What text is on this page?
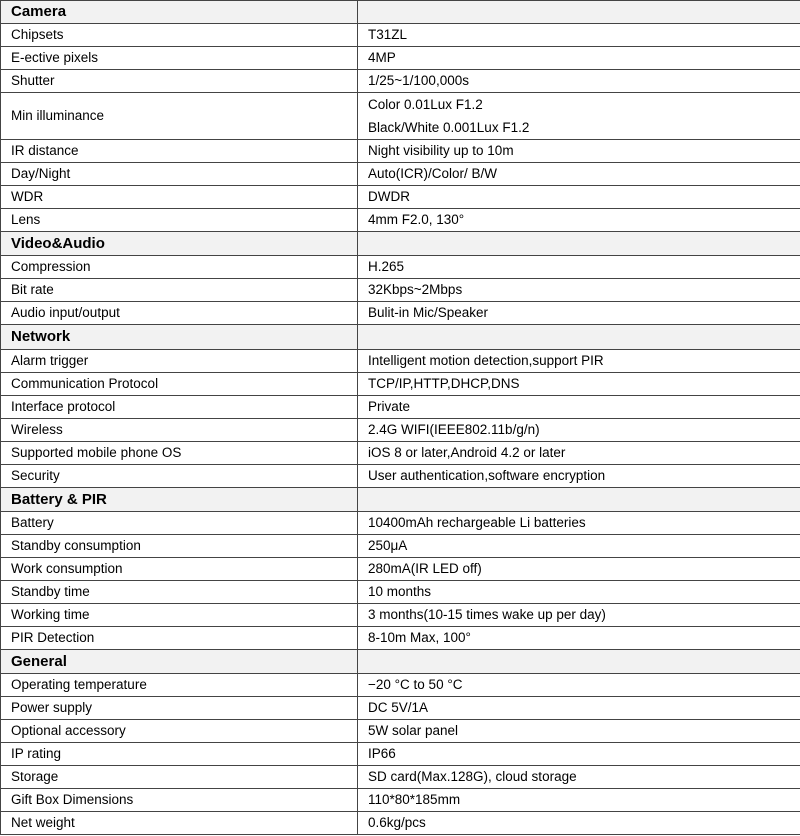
Camera	
Chipsets	T31ZL
E-ective pixels	4MP
Shutter	1/25~1/100,000s
Min illuminance	Color 0.01Lux F1.2
Black/White 0.001Lux F1.2

IR distance	Night visibility up to 10m
Day/Night	Auto(ICR)/Color/ B/W
WDR	DWDR
Lens	4mm F2.0, 130°
Video&Audio	
Compression	H.265
Bit rate	32Kbps~2Mbps
Audio input/output	Bulit-in Mic/Speaker
Network	
Alarm trigger	Intelligent motion detection,support PIR
Communication Protocol	TCP/IP,HTTP,DHCP,DNS
Interface protocol	Private
Wireless	2.4G WIFI(IEEE802.11b/g/n)
Supported mobile phone OS	iOS 8 or later,Android 4.2 or later
Security	User authentication,software encryption
Battery & PIR	
Battery	10400mAh rechargeable Li batteries
Standby consumption	250μA
Work consumption	280mA(IR LED off)
Standby time	10 months
Working time	3 months(10-15 times wake up per day)
PIR Detection	8-10m Max, 100°
General	
Operating temperature	−20 °C to 50 °C
Power supply	DC 5V/1A
Optional accessory	5W solar panel
IP rating	IP66
Storage	SD card(Max.128G), cloud storage
Gift Box Dimensions	110*80*185mm
Net weight	0.6kg/pcs
